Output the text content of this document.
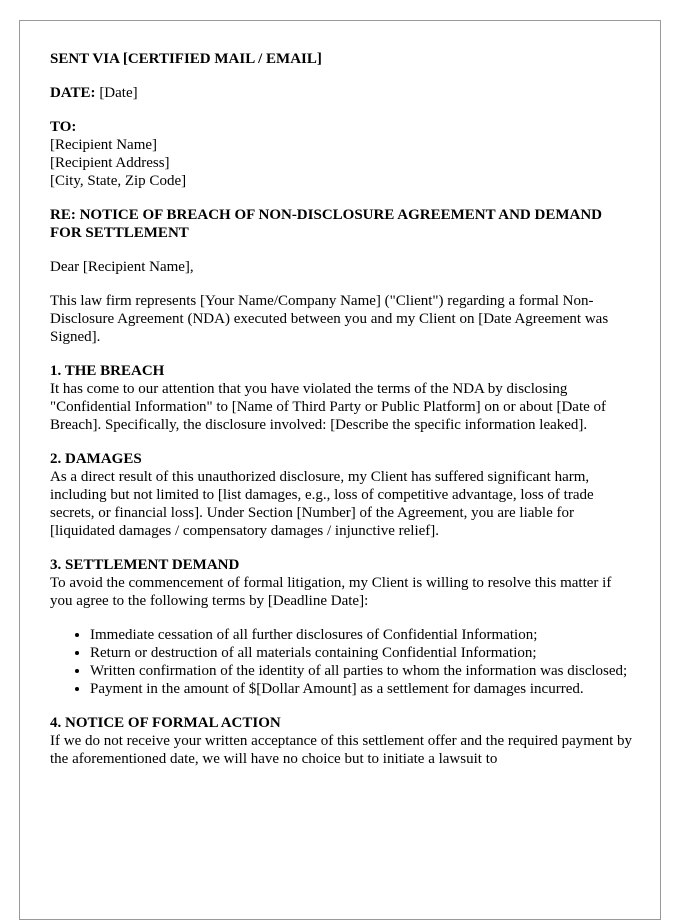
SENT VIA [CERTIFIED MAIL / EMAIL]

DATE: [Date]

TO:
[Recipient Name]
[Recipient Address]
[City, State, Zip Code]

RE: NOTICE OF BREACH OF NON-DISCLOSURE AGREEMENT AND DEMAND FOR SETTLEMENT

Dear [Recipient Name],

This law firm represents [Your Name/Company Name] ("Client") regarding a formal Non-Disclosure Agreement (NDA) executed between you and my Client on [Date Agreement was Signed].

1. THE BREACH
It has come to our attention that you have violated the terms of the NDA by disclosing "Confidential Information" to [Name of Third Party or Public Platform] on or about [Date of Breach]. Specifically, the disclosure involved: [Describe the specific information leaked].
2. DAMAGES
As a direct result of this unauthorized disclosure, my Client has suffered significant harm, including but not limited to [list damages, e.g., loss of competitive advantage, loss of trade secrets, or financial loss]. Under Section [Number] of the Agreement, you are liable for [liquidated damages / compensatory damages / injunctive relief].
3. SETTLEMENT DEMAND
To avoid the commencement of formal litigation, my Client is willing to resolve this matter if you agree to the following terms by [Deadline Date]:
• Immediate cessation of all further disclosures of Confidential Information;
• Return or destruction of all materials containing Confidential Information;
• Written confirmation of the identity of all parties to whom the information was disclosed;
• Payment in the amount of $[Dollar Amount] as a settlement for damages incurred.
4. NOTICE OF FORMAL ACTION
If we do not receive your written acceptance of this settlement offer and the required payment by the aforementioned date, we will have no choice but to initiate a lawsuit to
